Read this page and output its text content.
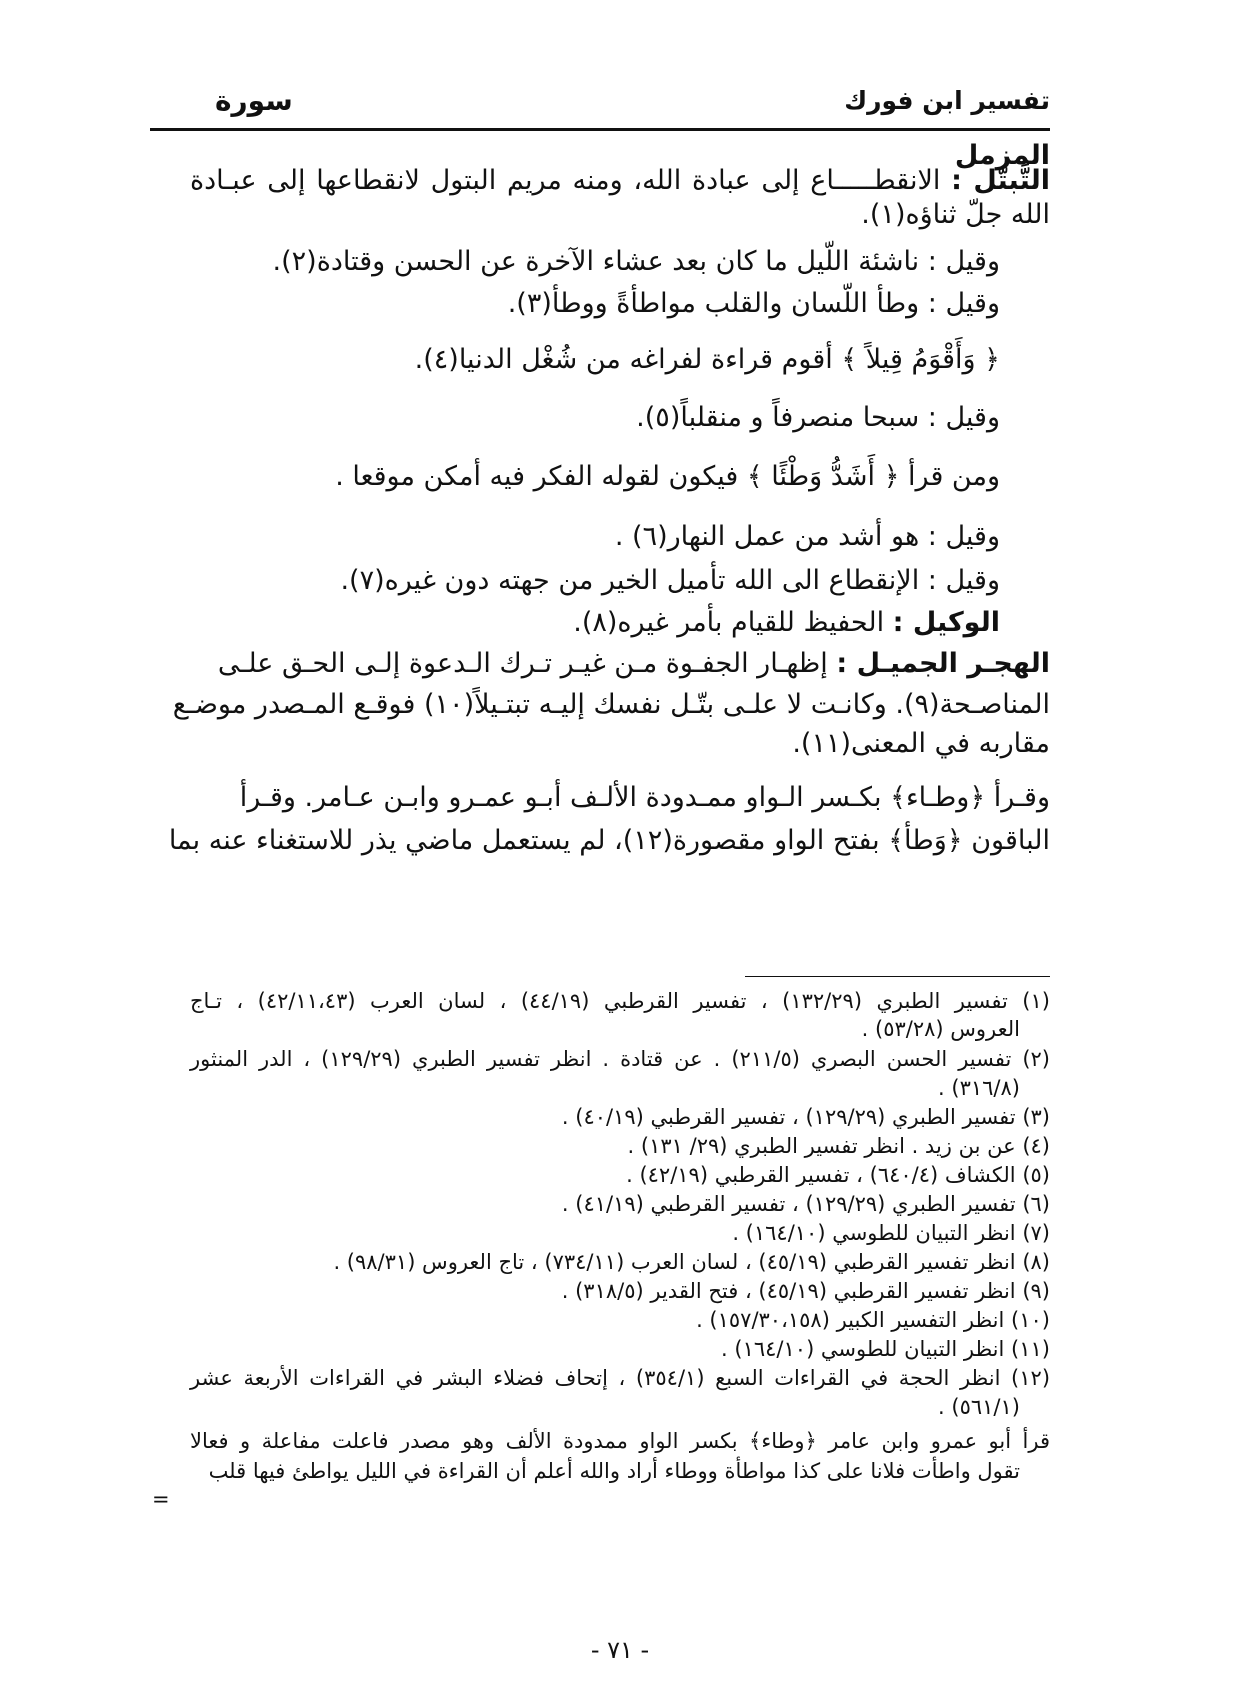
تفسير ابن فورك
سورة
المزمل
التَّبتّل : الانقطـــــاع إلى عبادة الله، ومنه مريم البتول لانقطاعها إلى عبـادة
الله جلّ ثناؤه(١).
وقيل : ناشئة اللّيل ما كان بعد عشاء الآخرة عن الحسن وقتادة(٢).
وقيل : وطأ اللّسان والقلب مواطأةً ووطأ(٣).
﴿ وَأَقْوَمُ قِيلاً ﴾ أقوم قراءة لفراغه من شُغْل الدنيا(٤).
وقيل : سبحا منصرفاً و منقلباً(٥).
ومن قرأ ﴿ أَشَدُّ وَطْئًا ﴾ فيكون لقوله الفكر فيه أمكن موقعا .
وقيل : هو أشد من عمل النهار(٦) .
وقيل : الإنقطاع الى الله تأميل الخير من جهته دون غيره(٧).
الوكيل : الحفيظ للقيام بأمر غيره(٨).
الهجـر الجميـل : إظهـار الجفـوة مـن غيـر تـرك الـدعوة إلـى الحـق علـى
المناصـحة(٩). وكانـت لا علـى بتّـل نفسك إليـه تبتـيلاً(١٠) فوقـع المـصدر موضـع
مقاربه في المعنى(١١).
وقـرأ ﴿وطـاء﴾ بكـسر الـواو ممـدودة الألـف أبـو عمـرو وابـن عـامر. وقـرأ
الباقون ﴿وَطأ﴾ بفتح الواو مقصورة(١٢)، لم يستعمل ماضي يذر للاستغناء عنه بما
(١) تفسير الطبري (١٣٢/٢٩) ، تفسير القرطبي (٤٤/١٩) ، لسان العرب (٤٢/١١،٤٣) ، تـاج
العروس (٥٣/٢٨) .
(٢) تفسير الحسن البصري (٢١١/٥) . عن قتادة . انظر تفسير الطبري (١٢٩/٢٩) ، الدر المنثور
(٣١٦/٨) .
(٣) تفسير الطبري (١٢٩/٢٩) ، تفسير القرطبي (٤٠/١٩) .
(٤) عن بن زيد . انظر تفسير الطبري (٢٩/ ١٣١) .
(٥) الكشاف (٦٤٠/٤) ، تفسير القرطبي (٤٢/١٩) .
(٦) تفسير الطبري (١٢٩/٢٩) ، تفسير القرطبي (٤١/١٩) .
(٧) انظر التبيان للطوسي (١٦٤/١٠) .
(٨) انظر تفسير القرطبي (٤٥/١٩) ، لسان العرب (٧٣٤/١١) ، تاج العروس (٩٨/٣١) .
(٩) انظر تفسير القرطبي (٤٥/١٩) ، فتح القدير (٣١٨/٥) .
(١٠) انظر التفسير الكبير (١٥٧/٣٠،١٥٨) .
(١١) انظر التبيان للطوسي (١٦٤/١٠) .
(١٢) انظر الحجة في القراءات السبع (٣٥٤/١) ، إتحاف فضلاء البشر في القراءات الأربعة عشر
(٥٦١/١) .
قرأ أبو عمرو وابن عامر ﴿وطاء﴾ بكسر الواو ممدودة الألف وهو مصدر فاعلت مفاعلة و فعالا
تقول واطأت فلانا على كذا مواطأة ووطاء أراد والله أعلم أن القراءة في الليل يواطئ فيها قلب
=
- ٧١ -
